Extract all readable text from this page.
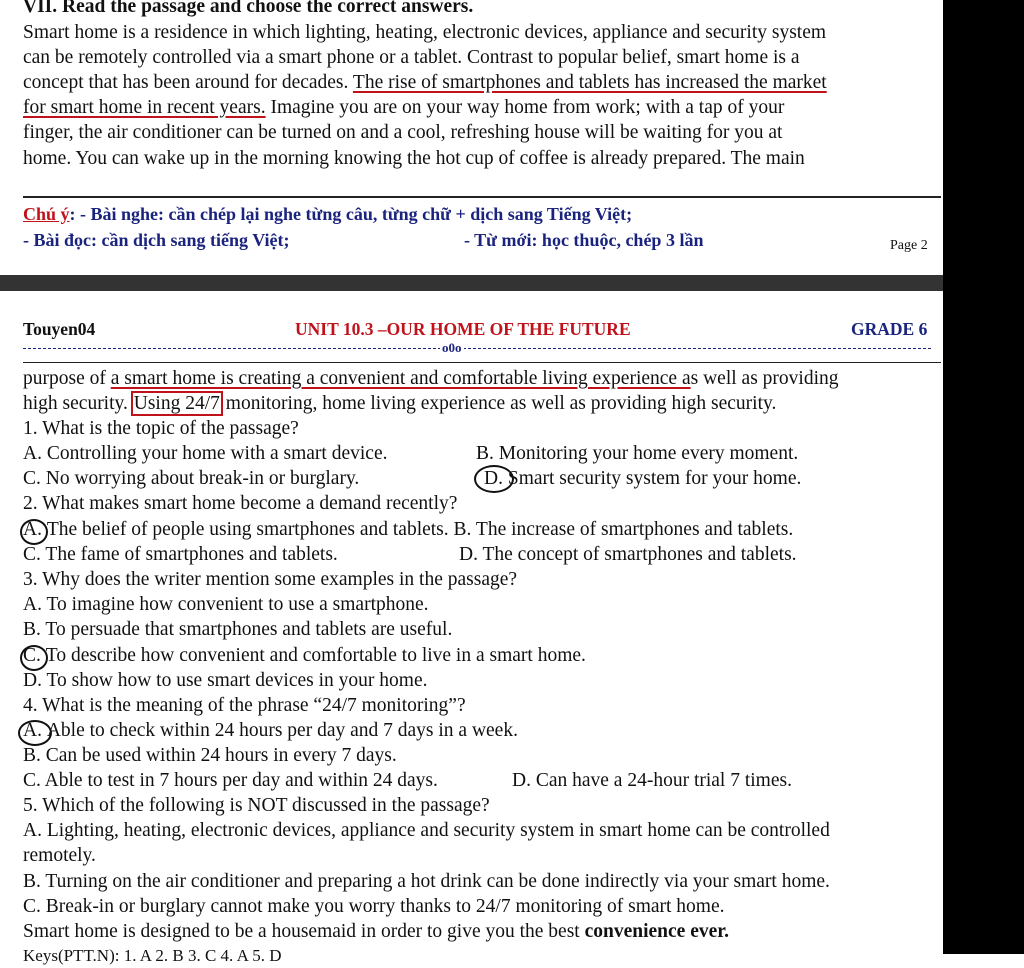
VII. Read the passage and choose the correct answers.
Smart home is a residence in which lighting, heating, electronic devices, appliance and security system
can be remotely controlled via a smart phone or a tablet. Contrast to popular belief, smart home is a
concept that has been around for decades. The rise of smartphones and tablets has increased the market
for smart home in recent years. Imagine you are on your way home from work; with a tap of your
finger, the air conditioner can be turned on and a cool, refreshing house will be waiting for you at
home. You can wake up in the morning knowing the hot cup of coffee is already prepared. The main
Chú ý: - Bài nghe: cần chép lại nghe từng câu, từng chữ + dịch sang Tiếng Việt;
- Bài đọc: cần dịch sang tiếng Việt;	- Từ mới: học thuộc, chép 3 lần	Page 2
Touyen04	UNIT 10.3 –OUR HOME OF THE FUTURE	GRADE 6
o0o
purpose of a smart home is creating a convenient and comfortable living experience as well as providing
high security. Using 24/7 monitoring, home living experience as well as providing high security.
1. What is the topic of the passage?
A. Controlling your home with a smart device.	B. Monitoring your home every moment.
C. No worrying about break-in or burglary.	D. Smart security system for your home.
2. What makes smart home become a demand recently?
A. The belief of people using smartphones and tablets. B. The increase of smartphones and tablets.
C. The fame of smartphones and tablets.	D. The concept of smartphones and tablets.
3. Why does the writer mention some examples in the passage?
A. To imagine how convenient to use a smartphone.
B. To persuade that smartphones and tablets are useful.
C. To describe how convenient and comfortable to live in a smart home.
D. To show how to use smart devices in your home.
4. What is the meaning of the phrase “24/7 monitoring”?
A. Able to check within 24 hours per day and 7 days in a week.
B. Can be used within 24 hours in every 7 days.
C. Able to test in 7 hours per day and within 24 days.	D. Can have a 24-hour trial 7 times.
5. Which of the following is NOT discussed in the passage?
A. Lighting, heating, electronic devices, appliance and security system in smart home can be controlled
remotely.
B. Turning on the air conditioner and preparing a hot drink can be done indirectly via your smart home.
C. Break-in or burglary cannot make you worry thanks to 24/7 monitoring of smart home.
Smart home is designed to be a housemaid in order to give you the best convenience ever.
Keys(PTT.N): 1. A 2. B 3. C 4. A 5. D
